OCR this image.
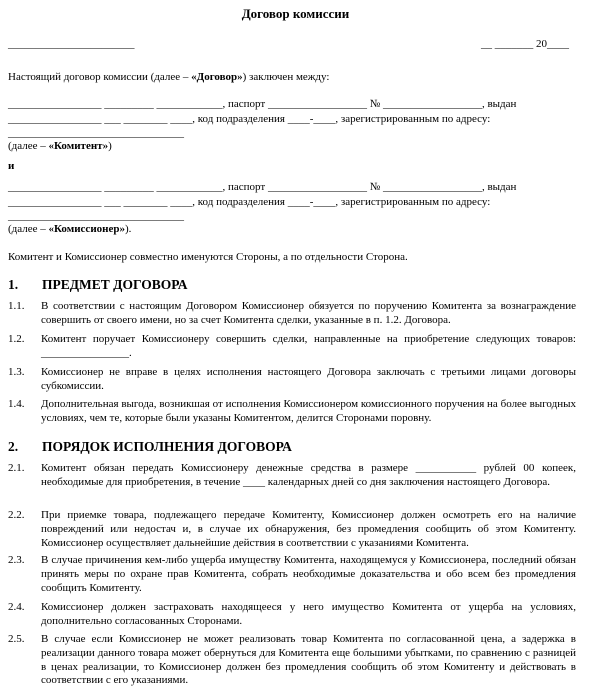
Договор комиссии
_______________________	__ _______ 20____
Настоящий договор комиссии (далее – «Договор») заключен между:
_________________ _________ ____________, паспорт __________________ № __________________, выдан
_________________ ___ ________ ____, код подразделения ____-____, зарегистрированным по адресу:
________________________________
(далее – «Комитент»)
и
_________________ _________ ____________, паспорт __________________ № __________________, выдан
_________________ ___ ________ ____, код подразделения ____-____, зарегистрированным по адресу:
________________________________
(далее – «Комиссионер»).
Комитент и Комиссионер совместно именуются Стороны, а по отдельности Сторона.
1. ПРЕДМЕТ ДОГОВОРА
1.1. В соответствии с настоящим Договором Комиссионер обязуется по поручению Комитента за вознаграждение совершить от своего имени, но за счет Комитента сделки, указанные в п. 1.2. Договора.
1.2. Комитент поручает Комиссионеру совершить сделки, направленные на приобретение следующих товаров: ________________.
1.3. Комиссионер не вправе в целях исполнения настоящего Договора заключать с третьими лицами договоры субкомиссии.
1.4. Дополнительная выгода, возникшая от исполнения Комиссионером комиссионного поручения на более выгодных условиях, чем те, которые были указаны Комитентом, делится Сторонами поровну.
2. ПОРЯДОК ИСПОЛНЕНИЯ ДОГОВОРА
2.1. Комитент обязан передать Комиссионеру денежные средства в размере ___________ рублей 00 копеек, необходимые для приобретения, в течение ____ календарных дней со дня заключения настоящего Договора.
2.2. При приемке товара, подлежащего передаче Комитенту, Комиссионер должен осмотреть его на наличие повреждений или недостач и, в случае их обнаружения, без промедления сообщить об этом Комитенту. Комиссионер осуществляет дальнейшие действия в соответствии с указаниями Комитента.
2.3. В случае причинения кем-либо ущерба имуществу Комитента, находящемуся у Комиссионера, последний обязан принять меры по охране прав Комитента, собрать необходимые доказательства и обо всем без промедления сообщить Комитенту.
2.4. Комиссионер должен застраховать находящееся у него имущество Комитента от ущерба на условиях, дополнительно согласованных Сторонами.
2.5. В случае если Комиссионер не может реализовать товар Комитента по согласованной цена, а задержка в реализации данного товара может обернуться для Комитента еще большими убытками, по сравнению с разницей в ценах реализации, то Комиссионер должен без промедления сообщить об этом Комитенту и действовать в соответствии с его указаниями.
